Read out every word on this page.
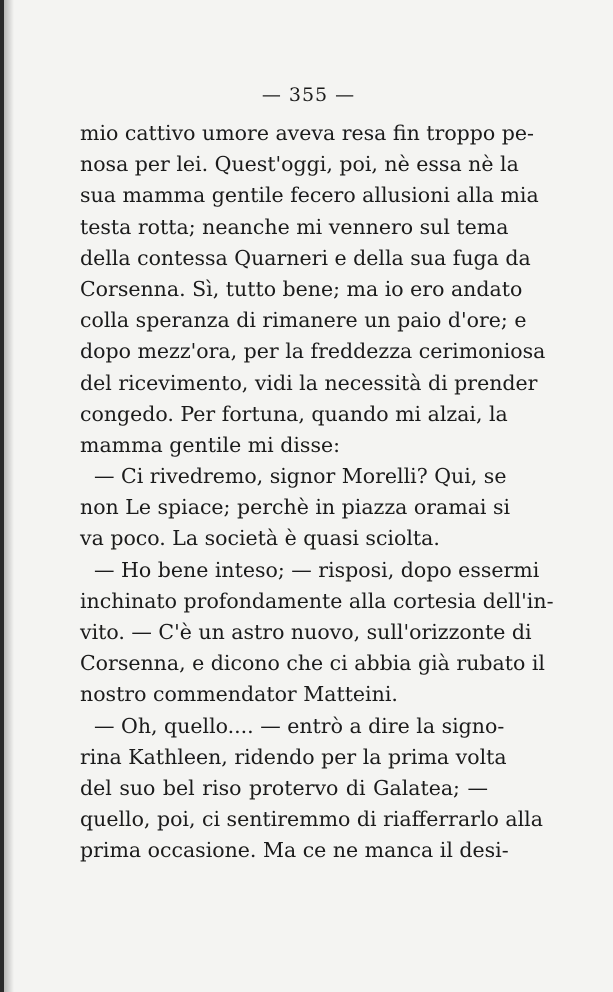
— 355 —
mio cattivo umore aveva resa fin troppo pe-
nosa per lei. Quest'oggi, poi, nè essa nè la
sua mamma gentile fecero allusioni alla mia
testa rotta; neanche mi vennero sul tema
della contessa Quarneri e della sua fuga da
Corsenna. Sì, tutto bene; ma io ero andato
colla speranza di rimanere un paio d'ore; e
dopo mezz'ora, per la freddezza cerimoniosa
del ricevimento, vidi la necessità di prender
congedo. Per fortuna, quando mi alzai, la
mamma gentile mi disse:
— Ci rivedremo, signor Morelli? Qui, se
non Le spiace; perchè in piazza oramai si
va poco. La società è quasi sciolta.
— Ho bene inteso; — risposi, dopo essermi
inchinato profondamente alla cortesia dell'in-
vito. — C'è un astro nuovo, sull'orizzonte di
Corsenna, e dicono che ci abbia già rubato il
nostro commendator Matteini.
— Oh, quello.... — entrò a dire la signo-
rina Kathleen, ridendo per la prima volta
del suo bel riso protervo di Galatea; —
quello, poi, ci sentiremmo di riafferrarlo alla
prima occasione. Ma ce ne manca il desi-
